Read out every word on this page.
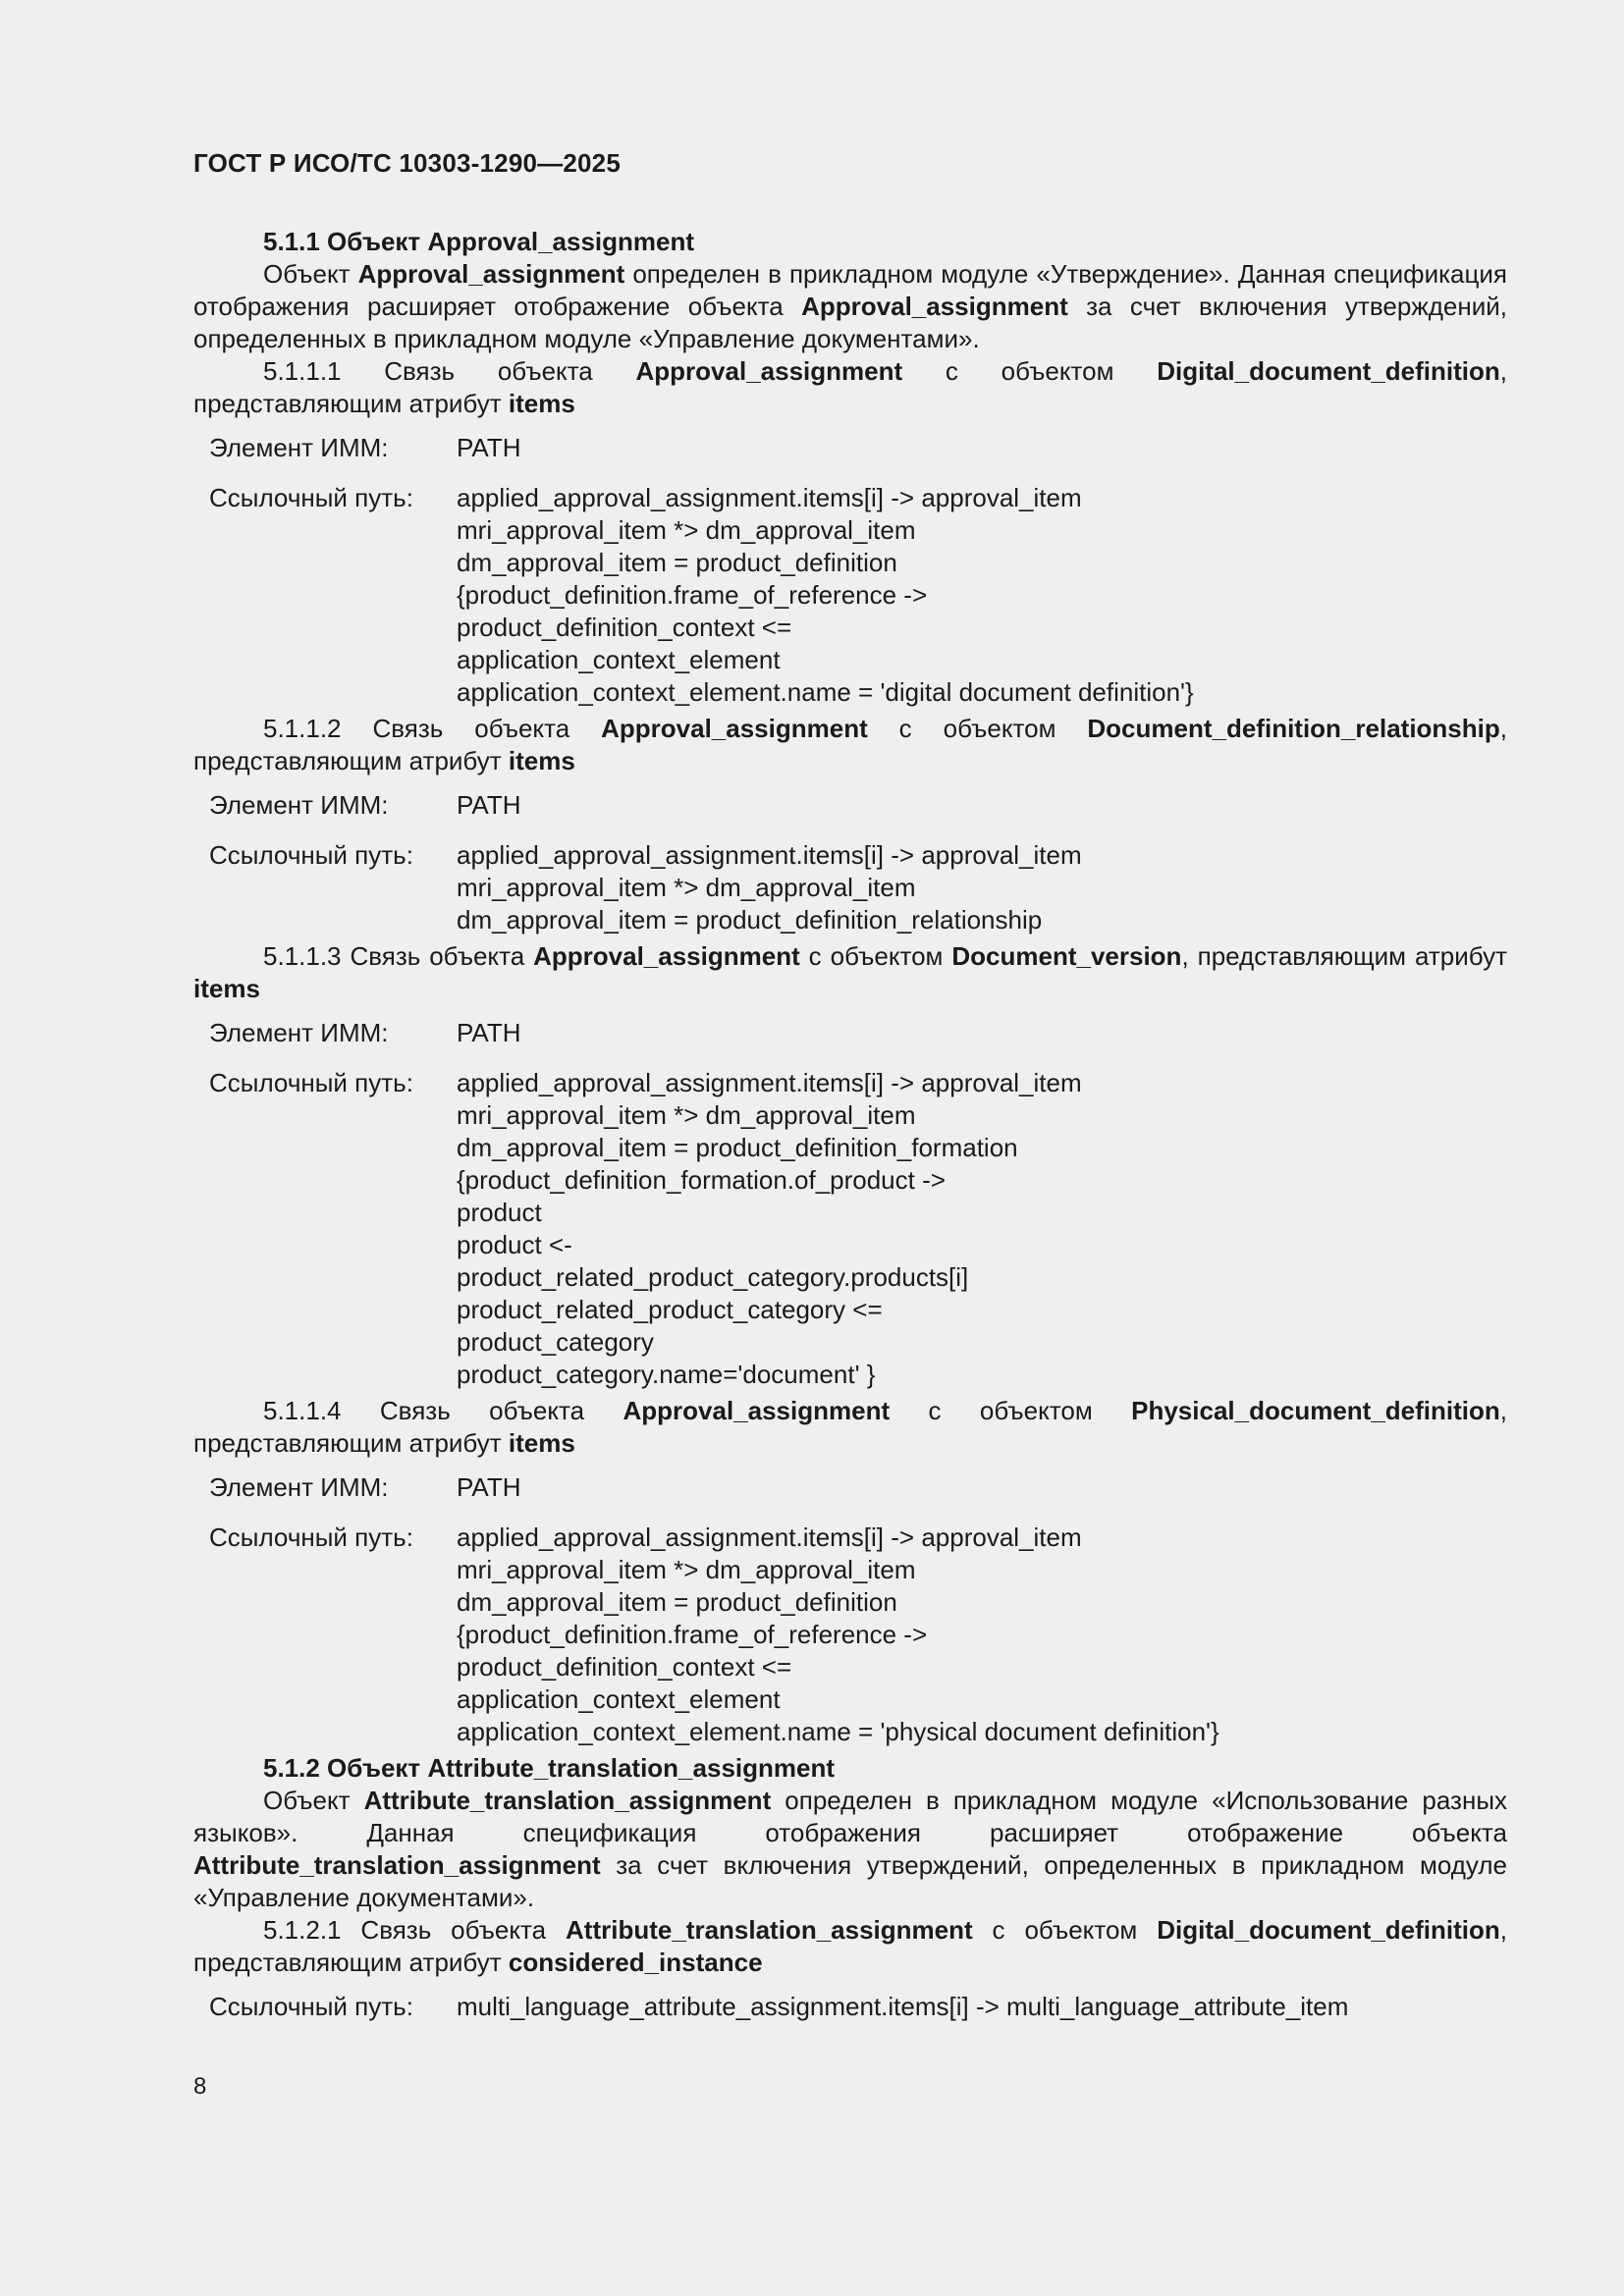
ГОСТ Р ИСО/ТС 10303-1290—2025

5.1.1 Объект Approval_assignment

Объект Approval_assignment определен в прикладном модуле «Утверждение». Данная спецификация отображения расширяет отображение объекта Approval_assignment за счет включения утверждений, определенных в прикладном модуле «Управление документами».

5.1.1.1 Связь объекта Approval_assignment с объектом Digital_document_definition, представляющим атрибут items

Элемент ИММ:	PATH
Ссылочный путь:	applied_approval_assignment.items[i] -> approval_item
mri_approval_item *> dm_approval_item
dm_approval_item = product_definition
{product_definition.frame_of_reference ->
product_definition_context <=
application_context_element
application_context_element.name = 'digital document definition'}

5.1.1.2 Связь объекта Approval_assignment с объектом Document_definition_relationship, представляющим атрибут items

Элемент ИММ:	PATH
Ссылочный путь:	applied_approval_assignment.items[i] -> approval_item
mri_approval_item *> dm_approval_item
dm_approval_item = product_definition_relationship

5.1.1.3 Связь объекта Approval_assignment с объектом Document_version, представляющим атрибут items

Элемент ИММ:	PATH
Ссылочный путь:	applied_approval_assignment.items[i] -> approval_item
mri_approval_item *> dm_approval_item
dm_approval_item = product_definition_formation
{product_definition_formation.of_product ->
product
product <-
product_related_product_category.products[i]
product_related_product_category <=
product_category
product_category.name='document' }

5.1.1.4 Связь объекта Approval_assignment с объектом Physical_document_definition, представляющим атрибут items

Элемент ИММ:	PATH
Ссылочный путь:	applied_approval_assignment.items[i] -> approval_item
mri_approval_item *> dm_approval_item
dm_approval_item = product_definition
{product_definition.frame_of_reference ->
product_definition_context <=
application_context_element
application_context_element.name = 'physical document definition'}

5.1.2 Объект Attribute_translation_assignment

Объект Attribute_translation_assignment определен в прикладном модуле «Использование разных языков». Данная спецификация отображения расширяет отображение объекта Attribute_translation_assignment за счет включения утверждений, определенных в прикладном модуле «Управление документами».

5.1.2.1 Связь объекта Attribute_translation_assignment с объектом Digital_document_definition, представляющим атрибут considered_instance

Ссылочный путь:	multi_language_attribute_assignment.items[i] -> multi_language_attribute_item
8
